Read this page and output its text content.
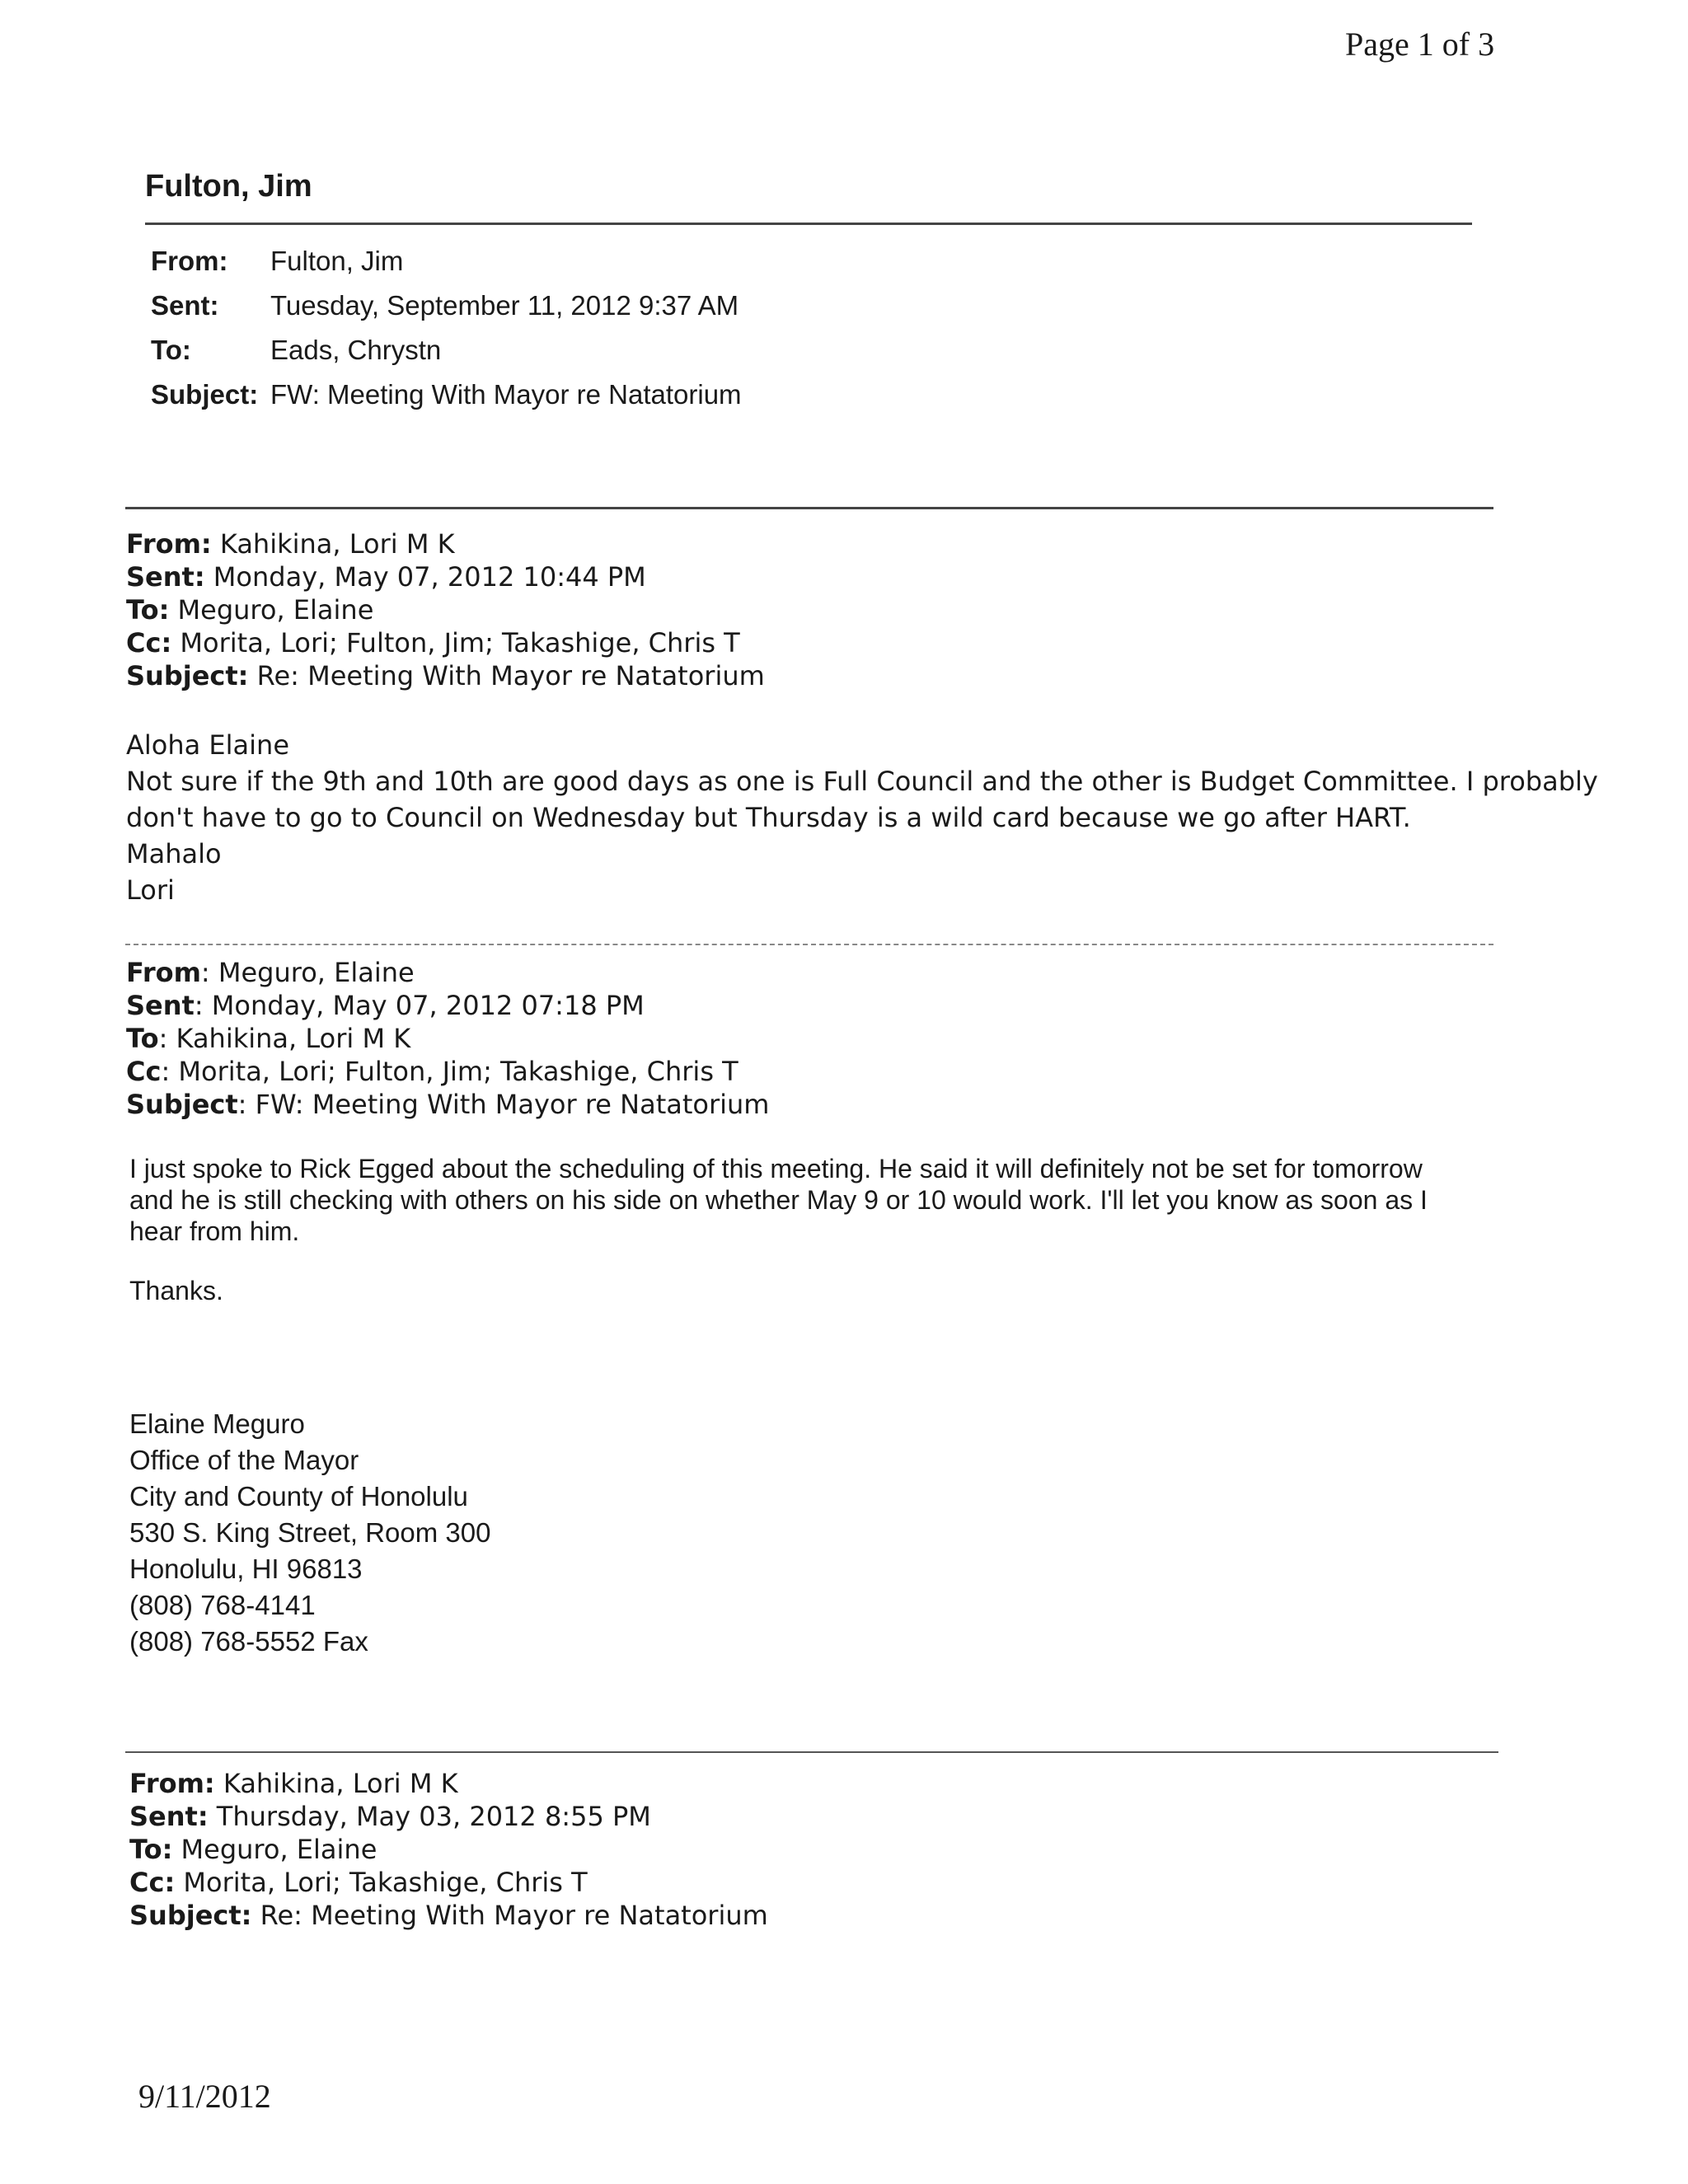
Page 1 of 3
Fulton, Jim
From: Fulton, Jim
Sent: Tuesday, September 11, 2012 9:37 AM
To:	Eads, Chrystn
Subject: FW: Meeting With Mayor re Natatorium
From: Kahikina, Lori M K
Sent: Monday, May 07, 2012 10:44 PM
To: Meguro, Elaine
Cc: Morita, Lori; Fulton, Jim; Takashige, Chris T
Subject: Re: Meeting With Mayor re Natatorium
Aloha Elaine
Not sure if the 9th and 10th are good days as one is Full Council and the other is Budget Committee. I probably
don't have to go to Council on Wednesday but Thursday is a wild card because we go after HART.
Mahalo
Lori
From: Meguro, Elaine
Sent: Monday, May 07, 2012 07:18 PM
To: Kahikina, Lori M K
Cc: Morita, Lori; Fulton, Jim; Takashige, Chris T
Subject: FW: Meeting With Mayor re Natatorium
I just spoke to Rick Egged about the scheduling of this meeting. He said it will definitely not be set for tomorrow
and he is still checking with others on his side on whether May 9 or 10 would work. I'll let you know as soon as I
hear from him.
Thanks.
Elaine Meguro
Office of the Mayor
City and County of Honolulu
530 S. King Street, Room 300
Honolulu, HI 96813
(808) 768-4141
(808) 768-5552 Fax
From: Kahikina, Lori M K
Sent: Thursday, May 03, 2012 8:55 PM
To: Meguro, Elaine
Cc: Morita, Lori; Takashige, Chris T
Subject: Re: Meeting With Mayor re Natatorium
9/11/2012
